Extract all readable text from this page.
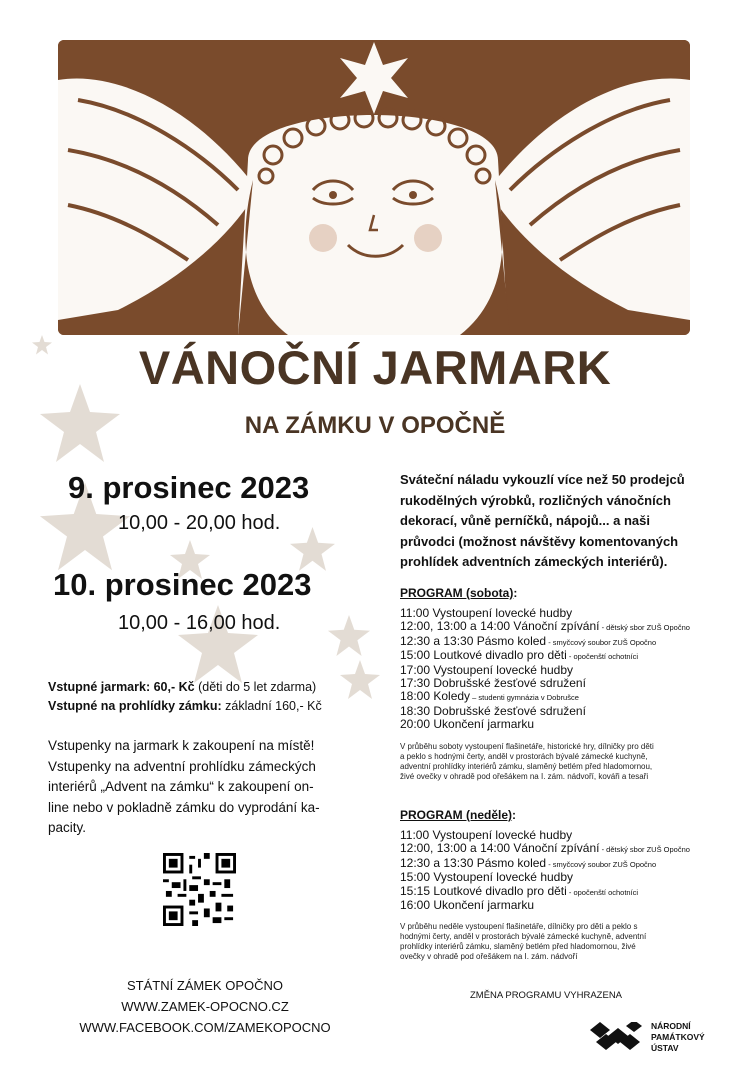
VÁNOČNÍ JARMARK
NA ZÁMKU V OPOČNĚ
9. prosinec 2023
10,00 - 20,00 hod.
10. prosinec 2023
10,00 - 16,00 hod.
Vstupné jarmark: 60,- Kč (děti do 5 let zdarma)
Vstupné na prohlídky zámku: základní 160,- Kč
Vstupenky na jarmark k zakoupení na místě!
Vstupenky na adventní prohlídku zámeckých
interiérů „Advent na zámku“ k zakoupení on-
line nebo v pokladně zámku do vyprodání ka-
pacity.
STÁTNÍ ZÁMEK OPOČNO
WWW.ZAMEK-OPOCNO.CZ
WWW.FACEBOOK.COM/ZAMEKOPOCNO
Sváteční náladu vykouzlí více než 50 prodejců
rukodělných výrobků, rozličných vánočních
dekorací, vůně perníčků, nápojů... a naši
průvodci (možnost návštěvy komentovaných
prohlídek adventních zámeckých interiérů).
PROGRAM (sobota):
11:00 Vystoupení lovecké hudby
12:00, 13:00 a 14:00 Vánoční zpívání - dětský sbor ZUŠ Opočno
12:30 a 13:30 Pásmo koled - smyčcový soubor ZUŠ Opočno
15:00 Loutkové divadlo pro děti - opočenští ochotníci
17:00 Vystoupení lovecké hudby
17:30 Dobrušské žesťové sdružení
18:00 Koledy – studenti gymnázia v Dobrušce
18:30 Dobrušské žesťové sdružení
20:00 Ukončení jarmarku
V průběhu soboty vystoupení flašinetáře, historické hry, dílničky pro děti
a peklo s hodnými čerty, anděl v prostorách bývalé zámecké kuchyně,
adventní prohlídky interiérů zámku, slaměný betlém před hladomornou,
živé ovečky v ohradě pod ořešákem na I. zám. nádvoří, kováři a tesaři
PROGRAM (neděle):
11:00 Vystoupení lovecké hudby
12:00, 13:00 a 14:00 Vánoční zpívání - dětský sbor ZUŠ Opočno
12:30 a 13:30 Pásmo koled - smyčcový soubor ZUŠ Opočno
15:00 Vystoupení lovecké hudby
15:15 Loutkové divadlo pro děti - opočenští ochotníci
16:00 Ukončení jarmarku
V průběhu neděle vystoupení flašinetáře, dílničky pro děti a peklo s
hodnými čerty, anděl v prostorách bývalé zámecké kuchyně, adventní
prohlídky interiérů zámku, slaměný betlém před hladomornou, živé
ovečky v ohradě pod ořešákem na I. zám. nádvoří
ZMĚNA PROGRAMU VYHRAZENA
NÁRODNÍ
PAMÁTKOVÝ
ÚSTAV
